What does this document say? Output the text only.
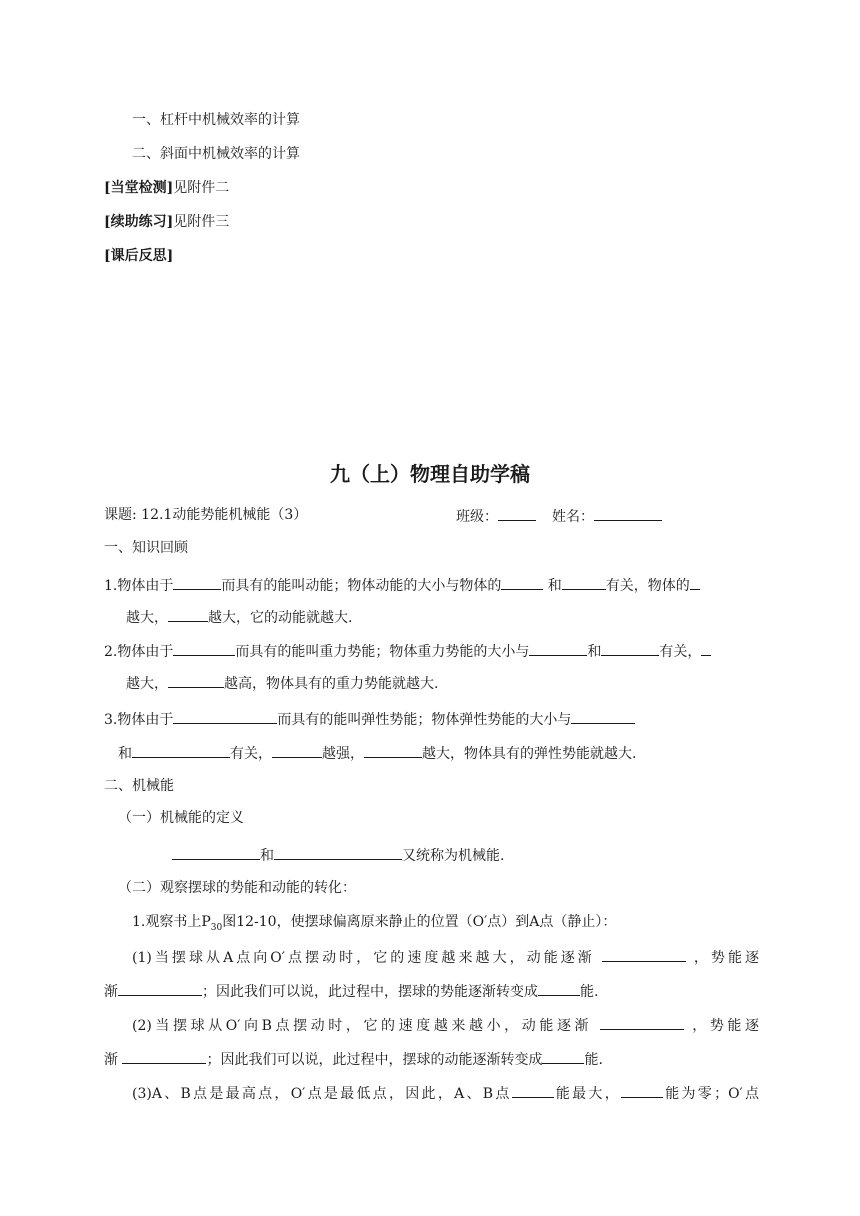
一、杠杆中机械效率的计算
二、斜面中机械效率的计算
[当堂检测]见附件二
[续助练习]见附件三
[课后反思]
九（上）物理自助学稿
课题: 12.1动能势能机械能（3）	班级：	姓名：
一、知识回顾
1.物体由于	而具有的能叫动能；物体动能的大小与物体的	和	有关，物体的
越大，	越大，它的动能就越大.
2.物体由于	而具有的能叫重力势能；物体重力势能的大小与	和	有关，
越大，	越高，物体具有的重力势能就越大.
3.物体由于	而具有的能叫弹性势能；物体弹性势能的大小与
和	有关，	越强，	越大，物体具有的弹性势能就越大.
二、机械能
（一）机械能的定义
和	又统称为机械能.
（二）观察摆球的势能和动能的转化：
1.观察书上$P_{30}$图12-10，使摆球偏离原来静止的位置（O′点）到A点（静止）：
(1)当摆球从A点向O′点摆动时，它的速度越来越大，动能逐渐	，势能逐
渐	；因此我们可以说，此过程中，摆球的势能逐渐转变成	能.
(2)当摆球从O′向B点摆动时，它的速度越来越小，动能逐渐	，势能逐
渐	；因此我们可以说，此过程中，摆球的动能逐渐转变成	能.
(3)A、B点是最高点，O′点是最低点，因此，A、B点	能最大，	能为零；O′点
